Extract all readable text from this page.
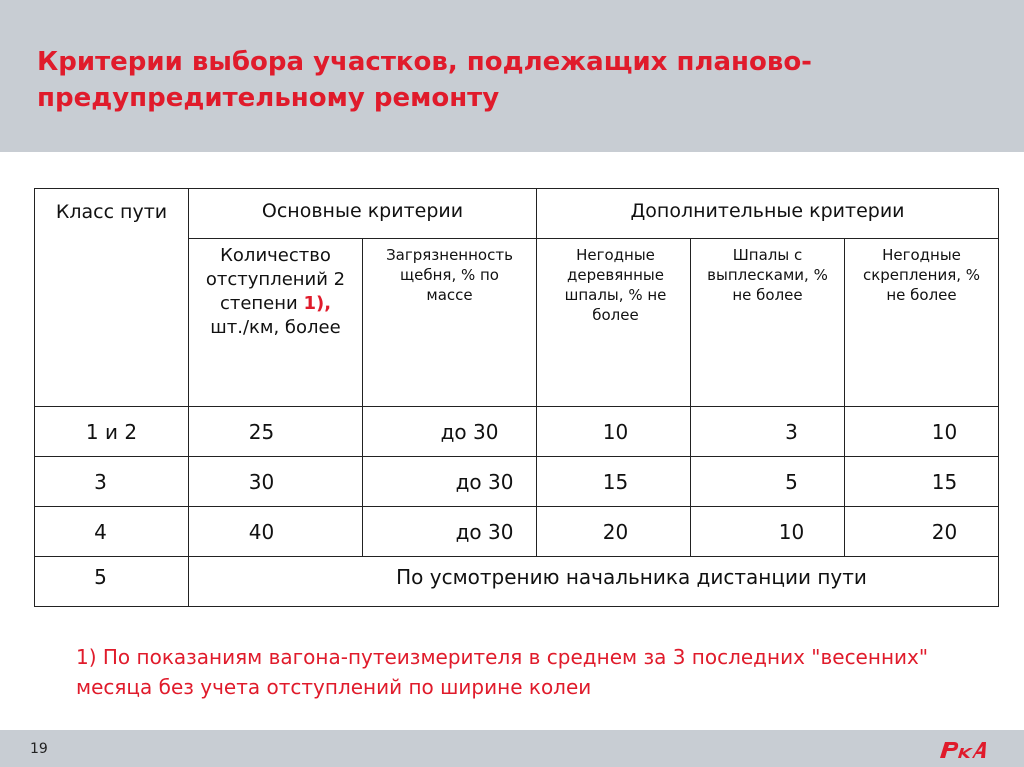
Критерии выбора участков, подлежащих планово-предупредительному ремонту
Класс пути	Основные критерии		Дополнительные критерии		
	Количество отступлений 2 степени 1), шт./км, более	Загрязненность щебня, % по массе	Негодные деревянные шпалы, % не более	Шпалы с выплесками, % не более	Негодные скрепления, % не более
1 и 2	25	до 30	10	3	10
3	30	до 30	15	5	15
4	40	до 30	20	10	20
5	По усмотрению начальника дистанции пути				

1) По показаниям вагона-путеизмерителя в среднем за 3 последних "весенних" месяца без учета отступлений по ширине колеи

19
